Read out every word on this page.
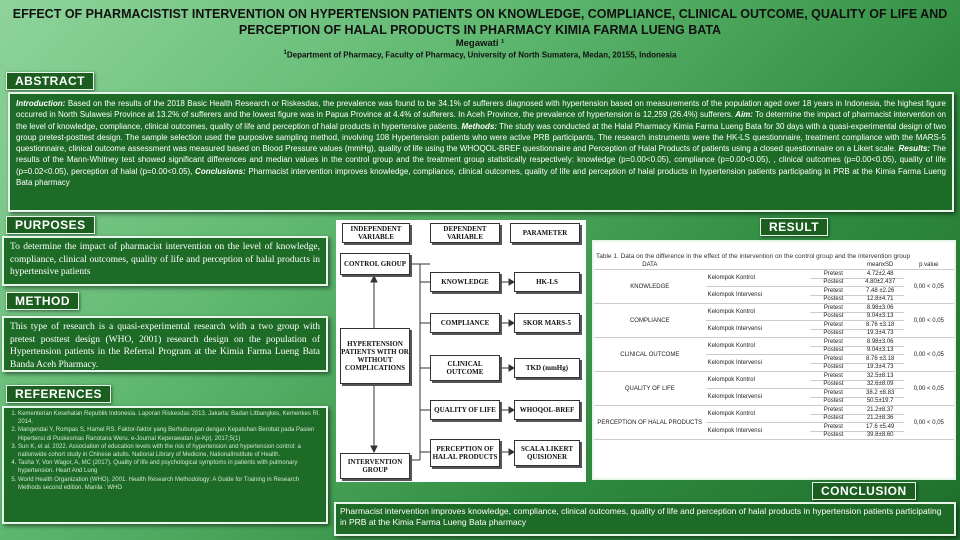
EFFECT OF PHARMACISTIST INTERVENTION ON HYPERTENSION PATIENTS ON KNOWLEDGE, COMPLIANCE, CLINICAL OUTCOME, QUALITY OF LIFE AND
PERCEPTION OF HALAL PRODUCTS IN PHARMACY KIMIA FARMA LUENG BATA
Megawati ¹
$^1$Department of Pharmacy, Faculty of Pharmacy, University of North Sumatera, Medan, 20155, Indonesia
ABSTRACT
Introduction: Based on the results of the 2018 Basic Health Research or Riskesdas, the prevalence was found to be 34.1% of sufferers diagnosed with hypertension based on measurements of the population aged over 18 years in Indonesia, the highest figure occurred in North Sulawesi Province at 13.2% of sufferers and the lowest figure was in Papua Province at 4.4% of sufferers. In Aceh Province, the prevalence of hypertension is 12,259 (26.4%) sufferers. Aim: To determine the impact of pharmacist intervention on the level of knowledge, compliance, clinical outcomes, quality of life and perception of halal products in hypertensive patients. Methods: The study was conducted at the Halal Pharmacy Kimia Farma Lueng Bata for 30 days with a quasi-experimental design of two group pretest-posttest design. The sample selection used the purposive sampling method, involving 108 Hypertension patients who were active PRB participants. The research instruments were the HK-LS questionnaire, treatment compliance with the MARS-5 questionnaire, clinical outcome assessment was measured based on Blood Pressure values (mmHg), quality of life using the WHOQOL-BREF questionnaire and Perception of Halal Products of patients using a closed questionnaire on a Likert scale. Results: The results of the Mann-Whitney test showed significant differences and median values in the control group and the treatment group statistically respectively: knowledge (p=0.00<0.05), compliance (p=0.00<0.05), , clinical outcomes (p=0.00<0.05), quality of life (p=0.02<0.05), perception of halal (p=0.00<0.05), Conclusions: Pharmacist intervention improves knowledge, compliance, clinical outcomes, quality of life and perception of halal products in hypertension patients participating in PRB at the Kimia Farma Lueng Bata pharmacy
PURPOSES
To determine the impact of pharmacist intervention on the level of knowledge, compliance, clinical outcomes, quality of life and perception of halal products in hypertensive patients
METHOD
This type of research is a quasi-experimental research with a two group with pretest posttest design (WHO, 2001) research design on the population of Hypertension patients in the Referral Program at the Kimia Farma Lueng Bata Banda Aceh Pharmacy.
REFERENCES
1. Kementerian Kesehatan Republik Indonesia. Laporan Riskesdas 2013. Jakarta: Badan Litbangkes, Kemenkes RI. 2014.
2. Mangendai Y, Rompas S, Hamel RS. Faktor-faktor yang Berhubungan dengan Kepatuhan Berobat pada Pasien Hipertensi di Puskesmas Ranotana Weru. e-Journal Keperawatan (e-Kp). 2017;5(1)
3. Sun K, et al. 2022. Association of education levels with the risk of hypertension and hypertension control: a nationwide cohort study in Chinese adults. National Library of Medicine, NationalInstitute of Health.
4. Tasha Y, Von Wagor, A, MC (2017). Quality of life and psychological symptoms in patients with pulmonary hypertension. Heart And Lung
5. World Health Organization (WHO). 2001. Health Research Methodology: A Guide for Training in Research Methods second edition. Manila : WHO
INDEPENDENT VARIABLE
DEPENDENT VARIABLE	PARAMETER
CONTROL GROUP
HYPERTENSION PATIENTS WITH OR WITHOUT COMPLICATIONS
INTERVENTION GROUP
KNOWLEDGE
COMPLIANCE
CLINICAL OUTCOME
QUALITY OF LIFE
PERCEPTION OF HALAL PRODUCTS
HK-LS
SKOR MARS-5
TKD (mmHg)
WHOQOL-BREF
SCALA LIKERT QUISIONER
Table 1. Data on the difference in the effect of the intervention on the control group and the intervention group
DATA			meanxSD	p value
KNOWLEDGE	Kelompok Kontrol	Pretest	4.72±2.48	0,00 < 0,05
		Postest	4.80±2.437	
	Kelompok Intervensi	Pretest	7.48 ±2.26	
		Postest	12.8±4.71	
COMPLIANCE	Kelompok Kontrol	Pretest	8.98±3.06	0,00 < 0,05
		Postest	9.04±3.13	
	Kelompok Intervensi	Pretest	8.76 ±3.18	
		Postest	19.3±4.73	
CLINICAL OUTCOME	Kelompok Kontrol	Pretest	8.98±3.06	0,00 < 0,05
		Postest	9.04±3.13	
	Kelompok Intervensi	Pretest	8.76 ±3.18	
		Postest	19.3±4.73	
QUALITY OF LIFE	Kelompok Kontrol	Pretest	32.5±8.13	0,00 < 0,05
		Postest	32.6±8.09	
	Kelompok Intervensi	Pretest	38.2 ±8.83	
		Postest	50.5±19.7	
PERCEPTION OF HALAL PRODUCTS	Kelompok Kontrol	Pretest	21.2±8.37	0,00 < 0,05
		Postest	21.2±8.36	
	Kelompok Intervensi	Pretest	17.6 ±5.49	
		Postest	39.8±8.60	
RESULT
CONCLUSION
Pharmacist intervention improves knowledge, compliance, clinical outcomes, quality of life and perception of halal products in hypertension patients participating in PRB at the Kimia Farma Lueng Bata pharmacy
